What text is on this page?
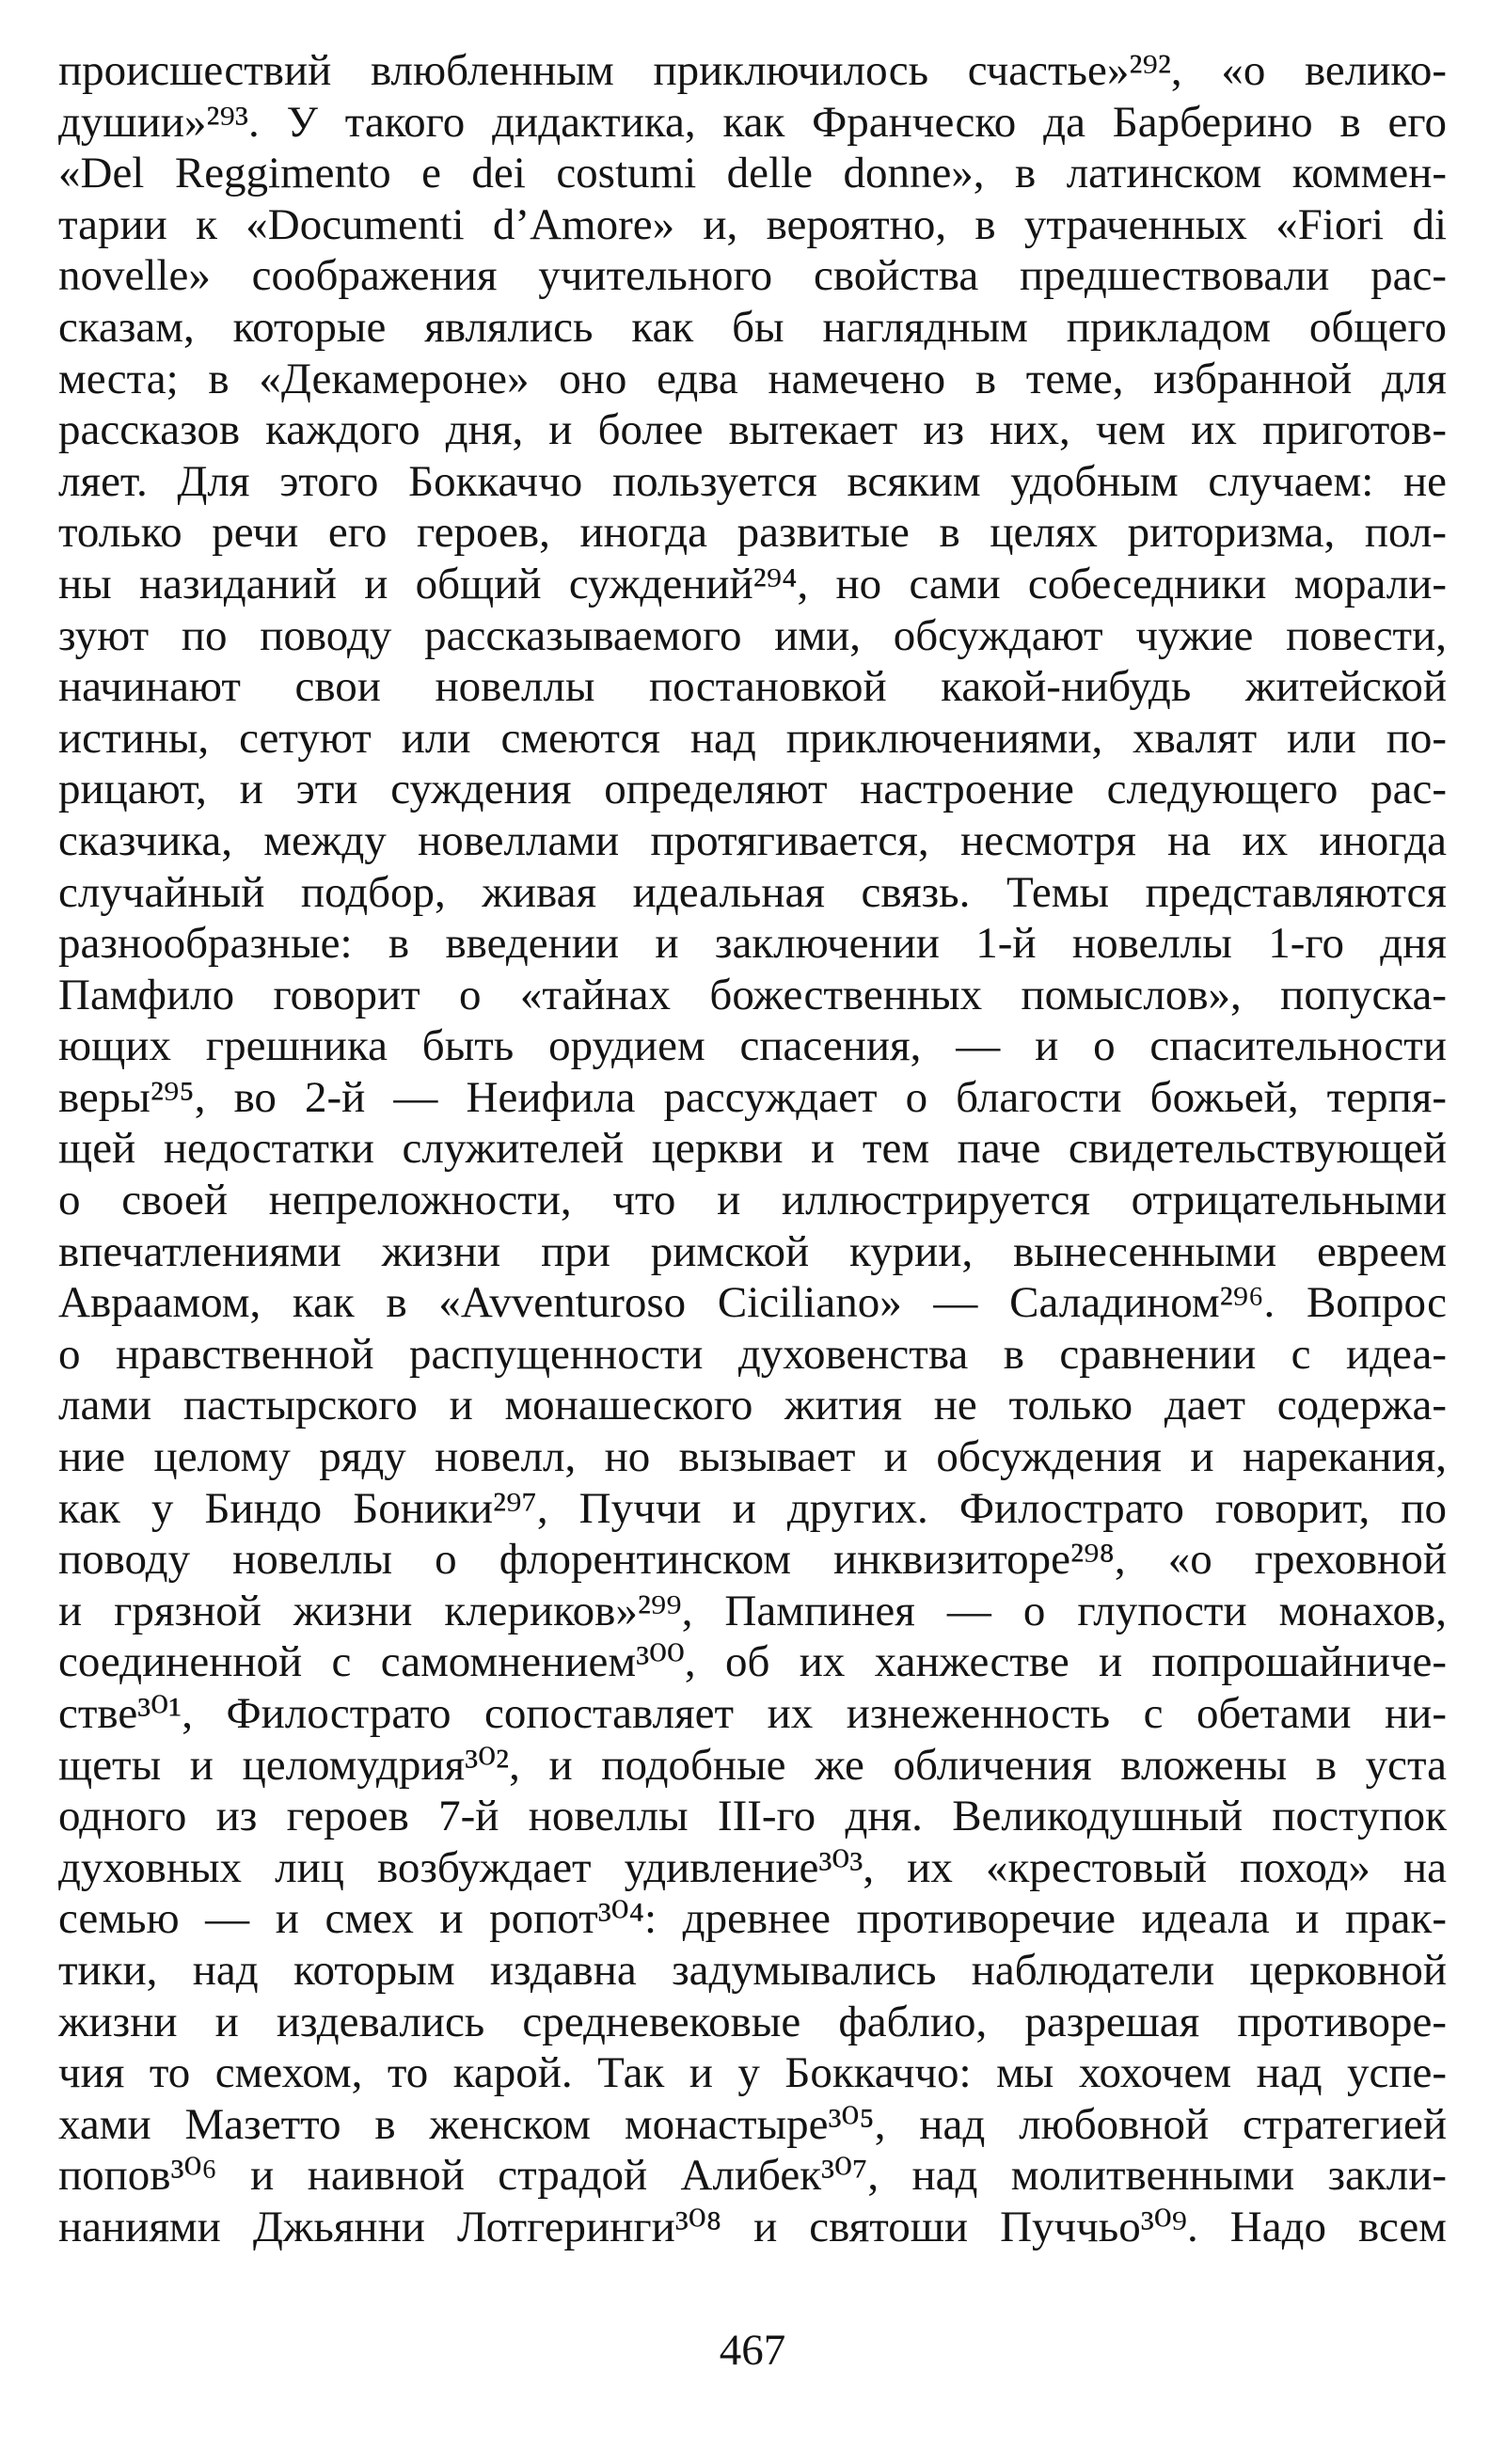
происшествий влюбленным приключилось счастье»²⁹², «о велико-
душии»²⁹³. У такого дидактика, как Франческо да Барберино в его
«Del Reggimento e dei costumi delle donne», в латинском коммен-
тарии к «Documenti d’Amore» и, вероятно, в утраченных «Fiori di
novelle» соображения учительного свойства предшествовали рас-
сказам, которые являлись как бы наглядным прикладом общего
места; в «Декамероне» оно едва намечено в теме, избранной для
рассказов каждого дня, и более вытекает из них, чем их приготов-
ляет. Для этого Боккаччо пользуется всяким удобным случаем: не
только речи его героев, иногда развитые в целях риторизма, пол-
ны назиданий и общий суждений²⁹⁴, но сами собеседники морали-
зуют по поводу рассказываемого ими, обсуждают чужие повести,
начинают свои новеллы постановкой какой-нибудь житейской
истины, сетуют или смеются над приключениями, хвалят или по-
рицают, и эти суждения определяют настроение следующего рас-
сказчика, между новеллами протягивается, несмотря на их иногда
случайный подбор, живая идеальная связь. Темы представляются
разнообразные: в введении и заключении 1-й новеллы 1-го дня
Памфило говорит о «тайнах божественных помыслов», попуска-
ющих грешника быть орудием спасения, — и о спасительности
веры²⁹⁵, во 2-й — Неифила рассуждает о благости божьей, терпя-
щей недостатки служителей церкви и тем паче свидетельствующей
о своей непреложности, что и иллюстрируется отрицательными
впечатлениями жизни при римской курии, вынесенными евреем
Авраамом, как в «Avventuroso Ciciliano» — Саладином²⁹⁶. Вопрос
о нравственной распущенности духовенства в сравнении с идеа-
лами пастырского и монашеского жития не только дает содержа-
ние целому ряду новелл, но вызывает и обсуждения и нарекания,
как у Биндо Боники²⁹⁷, Пуччи и других. Филострато говорит, по
поводу новеллы о флорентинском инквизиторе²⁹⁸, «о греховной
и грязной жизни клериков»²⁹⁹, Пампинея — о глупости монахов,
соединенной с самомнением³⁰⁰, об их ханжестве и попрошайниче-
стве³⁰¹, Филострато сопоставляет их изнеженность с обетами ни-
щеты и целомудрия³⁰², и подобные же обличения вложены в уста
одного из героев 7-й новеллы III-го дня. Великодушный поступок
духовных лиц возбуждает удивление³⁰³, их «крестовый поход» на
семью — и смех и ропот³⁰⁴: древнее противоречие идеала и прак-
тики, над которым издавна задумывались наблюдатели церковной
жизни и издевались средневековые фаблио, разрешая противоре-
чия то смехом, то карой. Так и у Боккаччо: мы хохочем над успе-
хами Мазетто в женском монастыре³⁰⁵, над любовной стратегией
попов³⁰⁶ и наивной страдой Алибек³⁰⁷, над молитвенными закли-
наниями Джьянни Лотгеринги³⁰⁸ и святоши Пуччьо³⁰⁹. Надо всем
467
